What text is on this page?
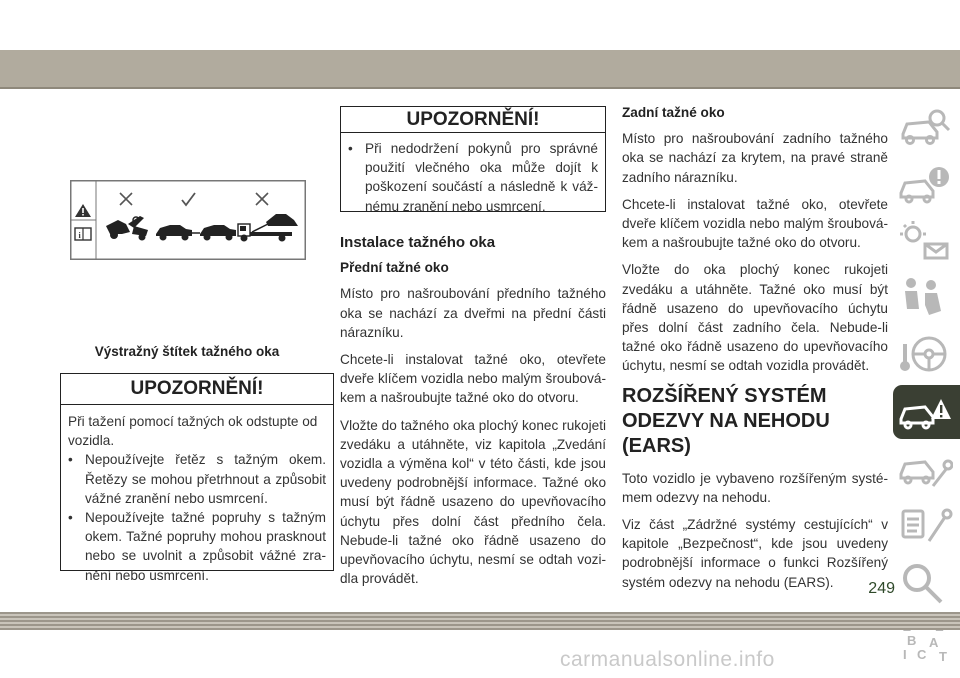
i
Výstražný štítek tažného oka
UPOZORNĚNÍ!

Při tažení pomocí tažných ok odstupte od vozidla.

• Nepoužívejte řetěz s tažným okem. Řetězy se mohou přetrhnout a způsobit vážné zranění nebo usmrcení.
• Nepoužívejte tažné popruhy s tažným okem. Tažné popruhy mohou prasknout nebo se uvolnit a způsobit vážné zranění nebo usmrcení.
UPOZORNĚNÍ!
• Při nedodržení pokynů pro správné použití vlečného oka může dojít k poškození součástí a následně k vážnému zranění nebo usmrcení.
Instalace tažného oka
Přední tažné oko

Místo pro našroubování předního tažného oka se nachází za dveřmi na přední části nárazníku.

Chcete-li instalovat tažné oko, otevřete dveře klíčem vozidla nebo malým šroubovákem a našroubujte tažné oko do otvoru.

Vložte do tažného oka plochý konec rukojeti zvedáku a utáhněte, viz kapitola „Zvedání vozidla a výměna kol“ v této části, kde jsou uvedeny podrobnější informace. Tažné oko musí být řádně usazeno do upevňovacího úchytu přes dolní část předního čela. Nebude-li tažné oko řádně usazeno do upevňovacího úchytu, nesmí se odtah vozidla provádět.

Zadní tažné oko

Místo pro našroubování zadního tažného oka se nachází za krytem, na pravé straně zadního nárazníku.

Chcete-li instalovat tažné oko, otevřete dveře klíčem vozidla nebo malým šroubovákem a našroubujte tažné oko do otvoru.

Vložte do oka plochý konec rukojeti zvedáku a utáhněte. Tažné oko musí být řádně usazeno do upevňovacího úchytu přes dolní část zadního čela. Nebude-li tažné oko řádně usazeno do upevňovacího úchytu, nesmí se odtah vozidla provádět.

ROZŠÍŘENÝ SYSTÉM ODEZVY NA NEHODU (EARS)

Toto vozidlo je vybaveno rozšířeným systémem odezvy na nehodu.

Viz část „Zádržné systémy cestujících“ v kapitole „Bezpečnost“, kde jsou uvedeny podrobnější informace o funkci Rozšířený systém odezvy na nehodu (EARS).

B A
I C T
249
carmanualsonline.info
